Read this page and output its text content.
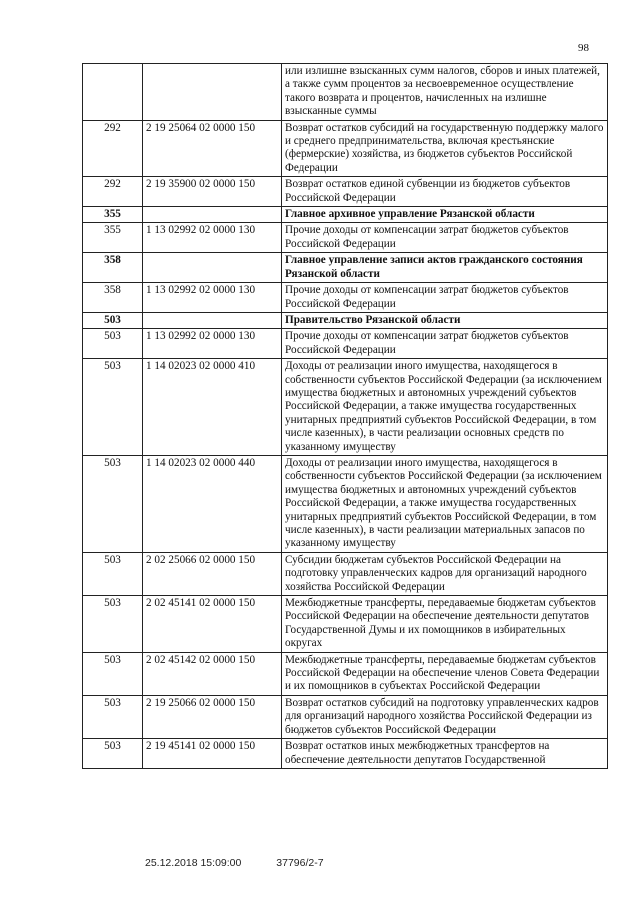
98
		или излишне взысканных сумм налогов, сборов и иных платежей, а также сумм процентов за несвоевременное осуществление такого возврата и процентов, начисленных на излишне взысканные суммы
292	2 19 25064 02 0000 150	Возврат остатков субсидий на государственную поддержку малого и среднего предпринимательства, включая крестьянские (фермерские) хозяйства, из бюджетов субъектов Российской Федерации
292	2 19 35900 02 0000 150	Возврат остатков единой субвенции из бюджетов субъектов Российской Федерации
355		Главное архивное управление Рязанской области
355	1 13 02992 02 0000 130	Прочие доходы от компенсации затрат бюджетов субъектов Российской Федерации
358		Главное управление записи актов гражданского состояния Рязанской области
358	1 13 02992 02 0000 130	Прочие доходы от компенсации затрат бюджетов субъектов Российской Федерации
503		Правительство Рязанской области
503	1 13 02992 02 0000 130	Прочие доходы от компенсации затрат бюджетов субъектов Российской Федерации
503	1 14 02023 02 0000 410	Доходы от реализации иного имущества, находящегося в собственности субъектов Российской Федерации (за исключением имущества бюджетных и автономных учреждений субъектов Российской Федерации, а также имущества государственных унитарных предприятий субъектов Российской Федерации, в том числе казенных), в части реализации основных средств по указанному имуществу
503	1 14 02023 02 0000 440	Доходы от реализации иного имущества, находящегося в собственности субъектов Российской Федерации (за исключением имущества бюджетных и автономных учреждений субъектов Российской Федерации, а также имущества государственных унитарных предприятий субъектов Российской Федерации, в том числе казенных), в части реализации материальных запасов по указанному имуществу
503	2 02 25066 02 0000 150	Субсидии бюджетам субъектов Российской Федерации на подготовку управленческих кадров для организаций народного хозяйства Российской Федерации
503	2 02 45141 02 0000 150	Межбюджетные трансферты, передаваемые бюджетам субъектов Российской Федерации на обеспечение деятельности депутатов Государственной Думы и их помощников в избирательных округах
503	2 02 45142 02 0000 150	Межбюджетные трансферты, передаваемые бюджетам субъектов Российской Федерации на обеспечение членов Совета Федерации и их помощников в субъектах Российской Федерации
503	2 19 25066 02 0000 150	Возврат остатков субсидий на подготовку управленческих кадров для организаций народного хозяйства Российской Федерации из бюджетов субъектов Российской Федерации
503	2 19 45141 02 0000 150	Возврат остатков иных межбюджетных трансфертов на обеспечение деятельности депутатов Государственной
25.12.2018 15:09:00	37796/2-7
